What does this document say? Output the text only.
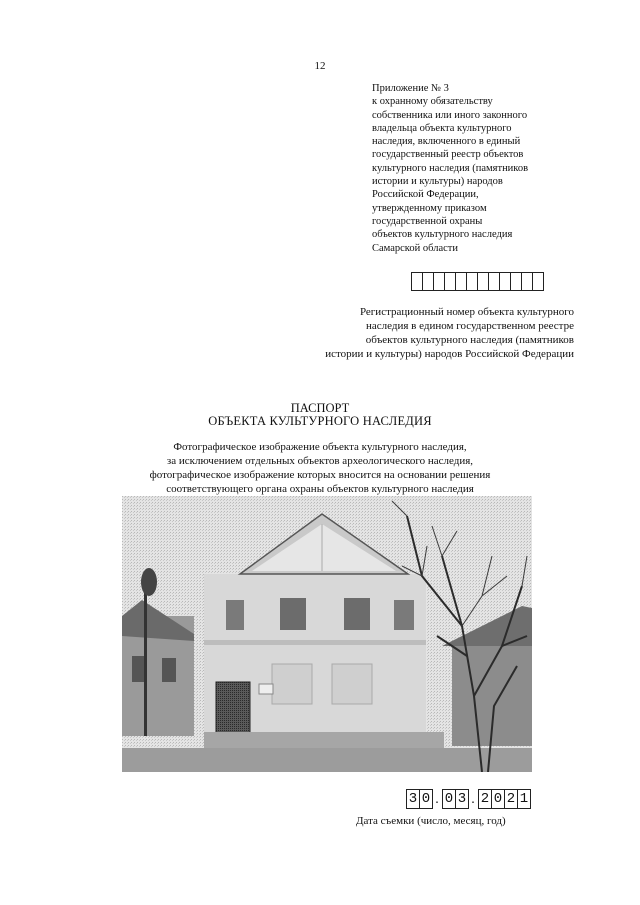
12
Приложение № 3
к охранному обязательству
собственника или иного законного
владельца объекта культурного
наследия, включенного в единый
государственный реестр объектов
культурного наследия (памятников
истории и культуры) народов
Российской Федерации,
утвержденному приказом
государственной охраны
объектов культурного наследия
Самарской области
Регистрационный номер объекта культурного
наследия в едином государственном реестре
объектов культурного наследия (памятников
истории и культуры) народов Российской Федерации
ПАСПОРТ
ОБЪЕКТА КУЛЬТУРНОГО НАСЛЕДИЯ
Фотографическое изображение объекта культурного наследия,
за исключением отдельных объектов археологического наследия,
фотографическое изображение которых вносится на основании решения
соответствующего органа охраны объектов культурного наследия
3 0 . 0 3 . 2 0 2 1
Дата съемки (число, месяц, год)
